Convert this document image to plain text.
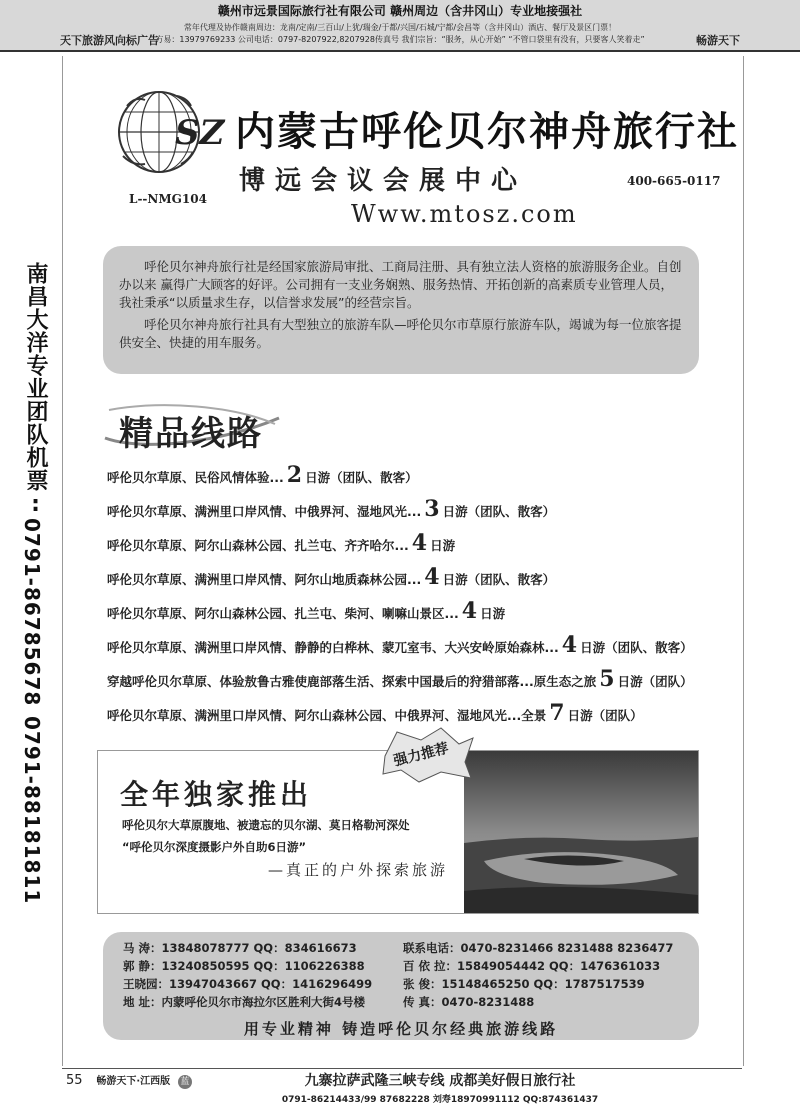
赣州市远景国际旅行社有限公司 赣州周边（含井冈山）专业地接强社
天下旅游风向标广告
常年代理及协作赣南周边：龙南/定南/三百山/上犹/瑞金/于都/兴国/石城/宁都/会昌等（含井冈山）酒店、餐厅及景区门票！
方易：13979769233 公司电话：0797-8207922,8207928传真号 我们宗旨：“服务，从心开始” “不管口袋里有没有，只要客人笑着走”	畅游天下
南昌大洋专业团队机票:
0791-86785678
0791-88181811
SZ
L--NMG104
内蒙古呼伦贝尔神舟旅行社
博远会议会展中心	400-665-0117
Www.mtosz.com

呼伦贝尔神舟旅行社是经国家旅游局审批、工商局注册、具有独立法人资格的旅游服务企业。自创办以来 赢得广大顾客的好评。公司拥有一支业务娴熟、服务热情、开拓创新的高素质专业管理人员，我社秉承“以质量求生存，以信誉求发展”的经营宗旨。

呼伦贝尔神舟旅行社具有大型独立的旅游车队—呼伦贝尔市草原行旅游车队，竭诚为每一位旅客提供安全、快捷的用车服务。

精品线路
呼伦贝尔草原、民俗风情体验... 2 日游（团队、散客）
呼伦贝尔草原、满洲里口岸风情、中俄界河、湿地风光... 3 日游（团队、散客）
呼伦贝尔草原、阿尔山森林公园、扎兰屯、齐齐哈尔... 4 日游
呼伦贝尔草原、满洲里口岸风情、阿尔山地质森林公园... 4 日游（团队、散客）
呼伦贝尔草原、阿尔山森林公园、扎兰屯、柴河、喇嘛山景区... 4 日游
呼伦贝尔草原、满洲里口岸风情、静静的白桦林、蒙兀室韦、大兴安岭原始森林... 4 日游（团队、散客）
穿越呼伦贝尔草原、体验敖鲁古雅使鹿部落生活、探索中国最后的狩猎部落...原生态之旅 5 日游（团队）
呼伦贝尔草原、满洲里口岸风情、阿尔山森林公园、中俄界河、湿地风光...全景 7 日游（团队）
全年独家推出
呼伦贝尔大草原腹地、被遗忘的贝尔湖、莫日格勒河深处
“呼伦贝尔深度摄影户外自助6日游”
—真正的户外探索旅游
强力推荐
马 涛：13848078777 QQ：834616673	联系电话：0470-8231466 8231488 8236477
郭 静：13240850595 QQ：1106226388	百 依 拉：15849054442 QQ：1476361033
王晓园：13947043667 QQ：1416296499	张 俊：15148465250 QQ：1787517539
地 址：内蒙呼伦贝尔市海拉尔区胜利大街4号楼	传 真：0470-8231488
用专业精神 铸造呼伦贝尔经典旅游线路
55 畅游天下·江西版 蓝	九寨拉萨武隆三峡专线 成都美好假日旅行社
0791-86214433/99 87682228 刘寿18970991112 QQ:874361437
